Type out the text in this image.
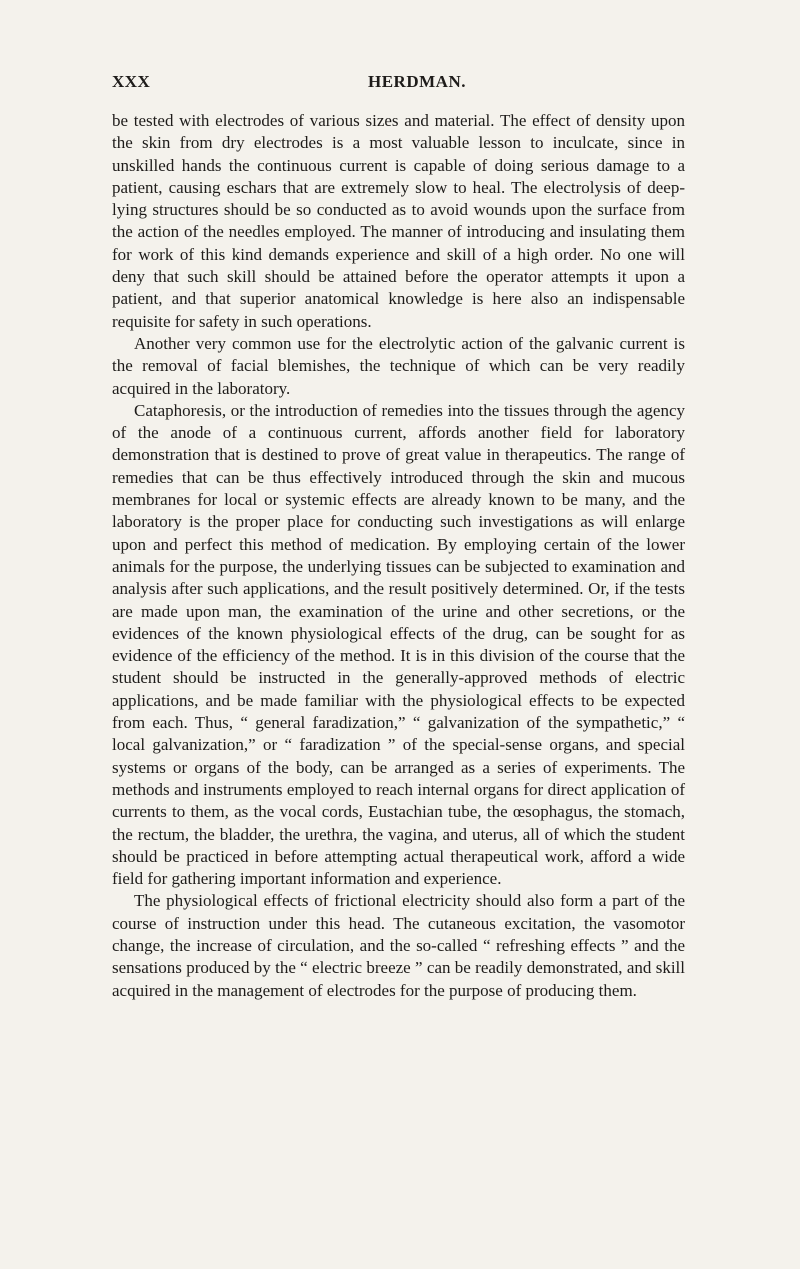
XXX	HERDMAN.

be tested with electrodes of various sizes and material. The effect of density upon the skin from dry electrodes is a most valuable lesson to inculcate, since in unskilled hands the continuous current is capable of doing serious damage to a patient, causing eschars that are extremely slow to heal. The electrolysis of deep-lying structures should be so conducted as to avoid wounds upon the surface from the action of the needles employed. The manner of introducing and insulating them for work of this kind demands experience and skill of a high order. No one will deny that such skill should be attained before the operator attempts it upon a patient, and that superior anatomical knowledge is here also an indispensable requisite for safety in such operations.

Another very common use for the electrolytic action of the galvanic current is the removal of facial blemishes, the technique of which can be very readily acquired in the laboratory.

Cataphoresis, or the introduction of remedies into the tissues through the agency of the anode of a continuous current, affords another field for laboratory demonstration that is destined to prove of great value in therapeutics. The range of remedies that can be thus effectively introduced through the skin and mucous membranes for local or systemic effects are already known to be many, and the laboratory is the proper place for conducting such investigations as will enlarge upon and perfect this method of medication. By employing certain of the lower animals for the purpose, the underlying tissues can be subjected to examination and analysis after such applications, and the result positively determined. Or, if the tests are made upon man, the examination of the urine and other secretions, or the evidences of the known physiological effects of the drug, can be sought for as evidence of the efficiency of the method. It is in this division of the course that the student should be instructed in the generally-approved methods of electric applications, and be made familiar with the physiological effects to be expected from each. Thus, “ general faradization,” “ galvanization of the sympathetic,” “ local galvanization,” or “ faradization ” of the special-sense organs, and special systems or organs of the body, can be arranged as a series of experiments. The methods and instruments employed to reach internal organs for direct application of currents to them, as the vocal cords, Eustachian tube, the œsophagus, the stomach, the rectum, the bladder, the urethra, the vagina, and uterus, all of which the student should be practiced in before attempting actual therapeutical work, afford a wide field for gathering important information and experience.

The physiological effects of frictional electricity should also form a part of the course of instruction under this head. The cutaneous excitation, the vasomotor change, the increase of circulation, and the so-called “ refreshing effects ” and the sensations produced by the “ electric breeze ” can be readily demonstrated, and skill acquired in the management of electrodes for the purpose of producing them.
